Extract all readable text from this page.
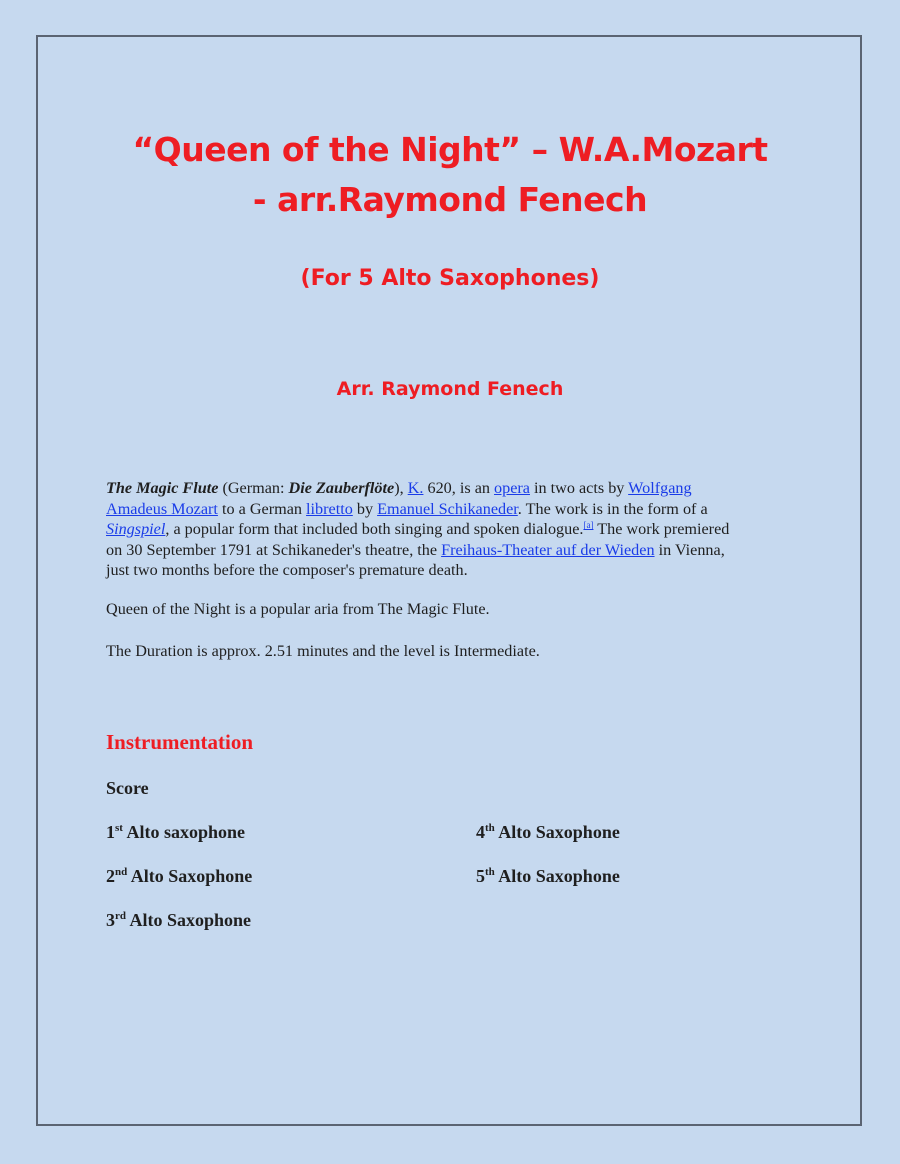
“Queen of the Night” – W.A.Mozart
- arr.Raymond Fenech
(For 5 Alto Saxophones)
Arr. Raymond Fenech

The Magic Flute (German: Die Zauberflöte), K. 620, is an opera in two acts by Wolfgang
Amadeus Mozart to a German libretto by Emanuel Schikaneder. The work is in the form of a
Singspiel, a popular form that included both singing and spoken dialogue.[a] The work premiered
on 30 September 1791 at Schikaneder's theatre, the Freihaus-Theater auf der Wieden in Vienna,
just two months before the composer's premature death.

Queen of the Night is a popular aria from The Magic Flute.

The Duration is approx. 2.51 minutes and the level is Intermediate.

Instrumentation
Score
1st Alto saxophone
2nd Alto Saxophone
3rd Alto Saxophone
4th Alto Saxophone
5th Alto Saxophone
